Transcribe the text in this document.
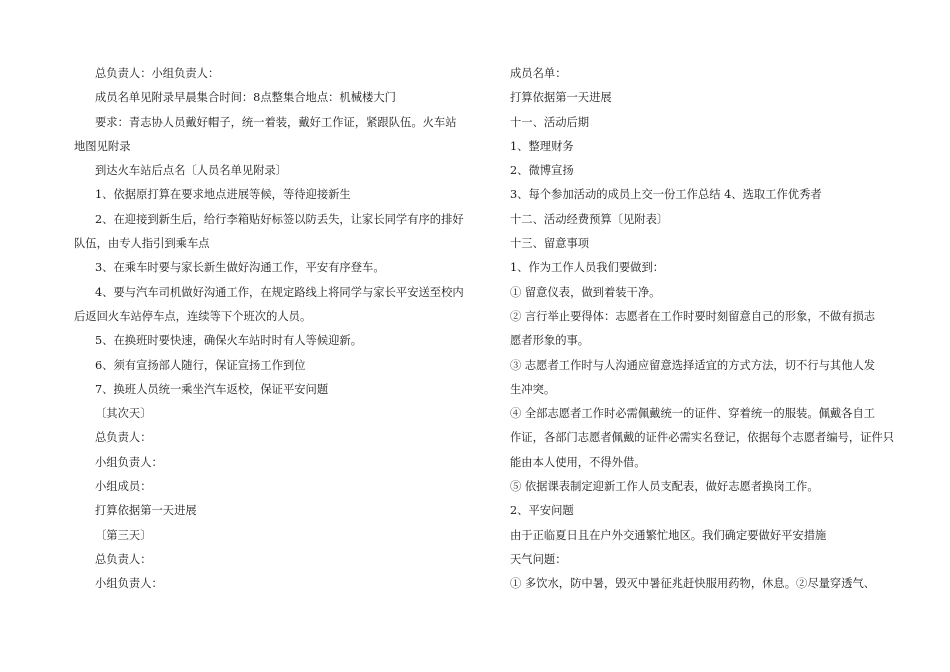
总负责人：小组负责人：

成员名单见附录早晨集合时间：8点整集合地点：机械楼大门

要求：青志协人员戴好帽子，统一着装，戴好工作证，紧跟队伍。火车站

地图见附录

到达火车站后点名〔人员名单见附录〕

1、依据原打算在要求地点进展等候，等待迎接新生

2、在迎接到新生后，给行李箱贴好标签以防丢失，让家长同学有序的排好

队伍，由专人指引到乘车点

3、在乘车时要与家长新生做好沟通工作，平安有序登车。

4、要与汽车司机做好沟通工作，在规定路线上将同学与家长平安送至校内

后返回火车站停车点，连续等下个班次的人员。

5、在换班时要快速，确保火车站时时有人等候迎新。

6、须有宣扬部人随行，保证宣扬工作到位

7、换班人员统一乘坐汽车返校，保证平安问题

〔其次天〕

总负责人：

小组负责人：

小组成员：

打算依据第一天进展

〔第三天〕

总负责人：

小组负责人：

成员名单：

打算依据第一天进展

十一、活动后期

1、整理财务

2、微博宣扬

3、每个参加活动的成员上交一份工作总结 4、选取工作优秀者

十二、活动经费预算〔见附表〕

十三、留意事项

1、作为工作人员我们要做到：

① 留意仪表，做到着装干净。

② 言行举止要得体：志愿者在工作时要时刻留意自己的形象，不做有损志

愿者形象的事。

③ 志愿者工作时与人沟通应留意选择适宜的方式方法，切不行与其他人发

生冲突。

④ 全部志愿者工作时必需佩戴统一的证件、穿着统一的服装。佩戴各自工

作证，各部门志愿者佩戴的证件必需实名登记，依据每个志愿者编号，证件只

能由本人使用，不得外借。

⑤ 依据课表制定迎新工作人员支配表，做好志愿者换岗工作。

2、平安问题

由于正临夏日且在户外交通繁忙地区。我们确定要做好平安措施

天气问题：

① 多饮水，防中暑，毁灭中暑征兆赶快服用药物，休息。②尽量穿透气、
